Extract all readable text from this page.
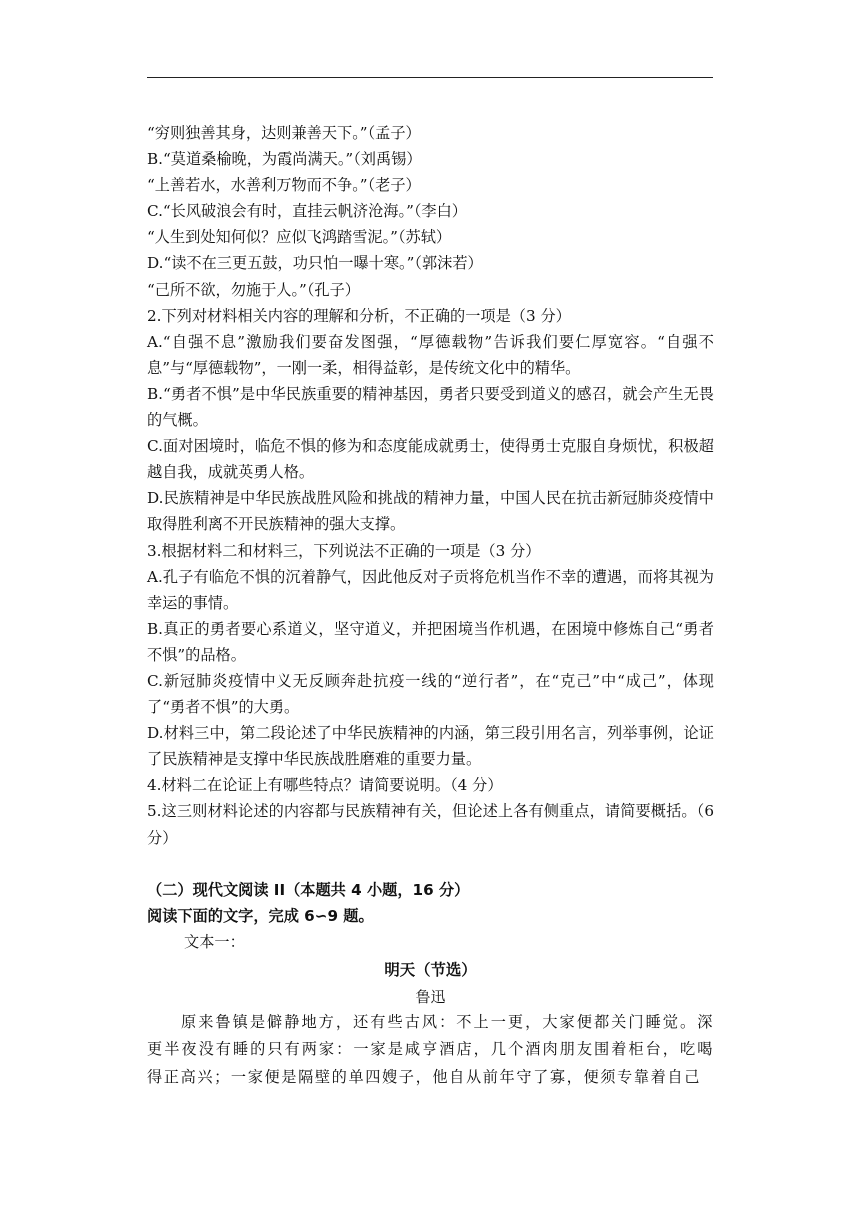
“穷则独善其身，达则兼善天下。”（孟子）
B.“莫道桑榆晚，为霞尚满天。”（刘禹锡）
“上善若水，水善利万物而不争。”（老子）
C.“长风破浪会有时，直挂云帆济沧海。”（李白）
“人生到处知何似？应似飞鸿踏雪泥。”（苏轼）
D.“读不在三更五鼓，功只怕一曝十寒。”（郭沫若）
“己所不欲，勿施于人。”（孔子）
2.下列对材料相关内容的理解和分析，不正确的一项是（3 分）
A.“自强不息”激励我们要奋发图强，“厚德载物”告诉我们要仁厚宽容。“自强不息”与“厚德载物”，一刚一柔，相得益彰，是传统文化中的精华。
B.“勇者不惧”是中华民族重要的精神基因，勇者只要受到道义的感召，就会产生无畏的气概。
C.面对困境时，临危不惧的修为和态度能成就勇士，使得勇士克服自身烦忧，积极超越自我，成就英勇人格。
D.民族精神是中华民族战胜风险和挑战的精神力量，中国人民在抗击新冠肺炎疫情中取得胜利离不开民族精神的强大支撑。
3.根据材料二和材料三，下列说法不正确的一项是（3 分）
A.孔子有临危不惧的沉着静气，因此他反对子贡将危机当作不幸的遭遇，而将其视为幸运的事情。
B.真正的勇者要心系道义，坚守道义，并把困境当作机遇，在困境中修炼自己“勇者不惧”的品格。
C.新冠肺炎疫情中义无反顾奔赴抗疫一线的“逆行者”，在“克己”中“成己”，体现了“勇者不惧”的大勇。
D.材料三中，第二段论述了中华民族精神的内涵，第三段引用名言，列举事例，论证了民族精神是支撑中华民族战胜磨难的重要力量。
4.材料二在论证上有哪些特点？请简要说明。（4 分）
5.这三则材料论述的内容都与民族精神有关，但论述上各有侧重点，请简要概括。（6 分）
（二）现代文阅读 II（本题共 4 小题，16 分）
阅读下面的文字，完成 6∽9 题。
文本一：
明天（节选）
鲁迅
原来鲁镇是僻静地方，还有些古风：不上一更，大家便都关门睡觉。深更半夜没有睡的只有两家：一家是咸亨酒店，几个酒肉朋友围着柜台，吃喝得正高兴；一家便是隔壁的单四嫂子，他自从前年守了寡，便须专靠着自己
